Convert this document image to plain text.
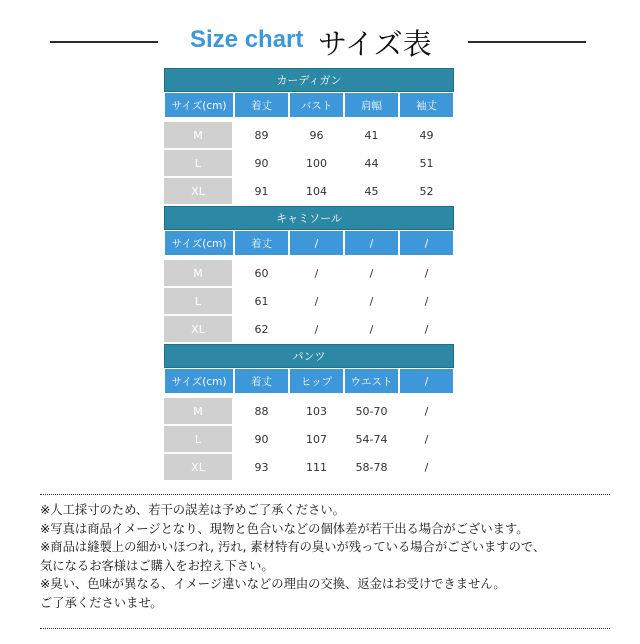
Size chart サイズ表
カーディガン
サイズ(cm)	着丈	バスト	肩幅	袖丈
M	89	96	41	49
L	90	100	44	51
XL	91	104	45	52
キャミソール
サイズ(cm)	着丈	/	/	/
M	60	/	/	/
L	61	/	/	/
XL	62	/	/	/
パンツ
サイズ(cm)	着丈	ヒップ	ウエスト	/
M	88	103	50-70	/
L	90	107	54-74	/
XL	93	111	58-78	/
※人工採寸のため、若干の誤差は予めご了承ください。
※写真は商品イメージとなり、現物と色合いなどの個体差が若干出る場合がございます。
※商品は縫製上の細かいほつれ, 汚れ, 素材特有の臭いが残っている場合がございますので、
気になるお客様はご購入をお控え下さい。
※臭い、色味が異なる、イメージ違いなどの理由の交換、返金はお受けできません。
ご了承くださいませ。
